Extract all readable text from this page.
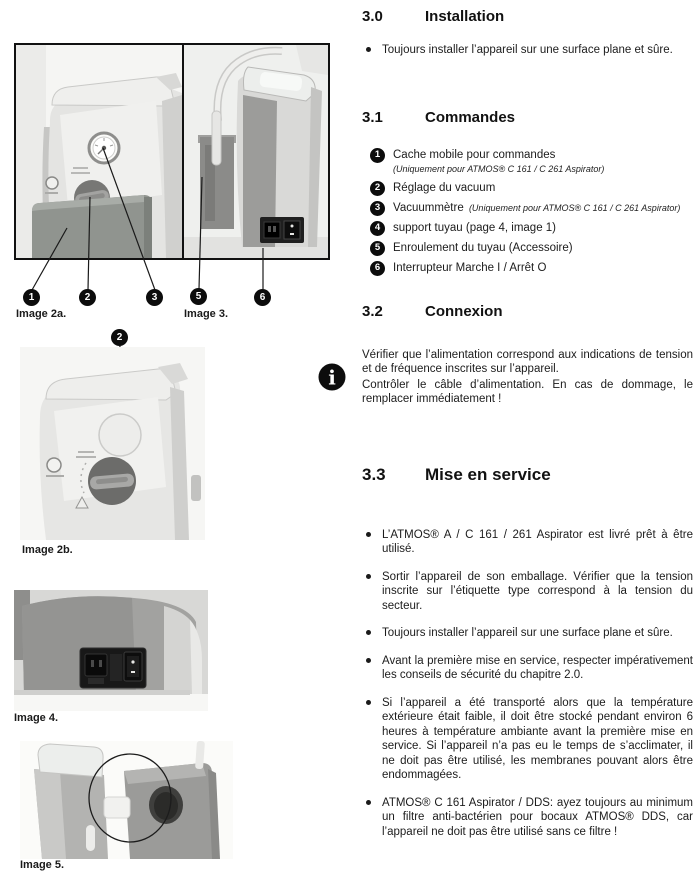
1	2	3	5	6
Image 2a.	Image 3.
2
Image 2b.
Image 4.
Image 5.
3.0	Installation
Toujours installer l’appareil sur une surface plane et sûre.
3.1	Commandes
1	Cache mobile pour commandes
(Uniquement pour ATMOS® C 161 / C 261 Aspirator)
2	Réglage du vacuum
3	Vacuummètre (Uniquement pour ATMOS® C 161 / C 261 Aspirator)
4	support tuyau (page 4, image 1)
5	Enroulement du tuyau (Accessoire)
6	Interrupteur Marche I / Arrêt O
3.2	Connexion
i

Vérifier que l’alimentation correspond aux indications de tension et de fréquence inscrites sur l’appareil.

Contrôler le câble d’alimentation. En cas de dommage, le remplacer immédiatement !

3.3	Mise en service
L’ATMOS® A / C 161 / 261 Aspirator est livré prêt à être utilisé.
Sortir l’appareil de son emballage. Vérifier que la tension inscrite sur l’étiquette type correspond à la tension du secteur.
Toujours installer l’appareil sur une surface plane et sûre.
Avant la première mise en service, respecter impérativement les conseils de sécurité du chapitre 2.0.
Si l’appareil a été transporté alors que la température extérieure était faible, il doit être stocké pendant environ 6 heures à température ambiante avant la première mise en service. Si l’appareil n’a pas eu le temps de s’acclimater, il ne doit pas être utilisé, les membranes pouvant alors être endommagées.
ATMOS® C 161 Aspirator / DDS: ayez toujours au minimum un filtre anti-bactérien pour bocaux ATMOS® DDS, car l’appareil ne doit pas être utilisé sans ce filtre !
